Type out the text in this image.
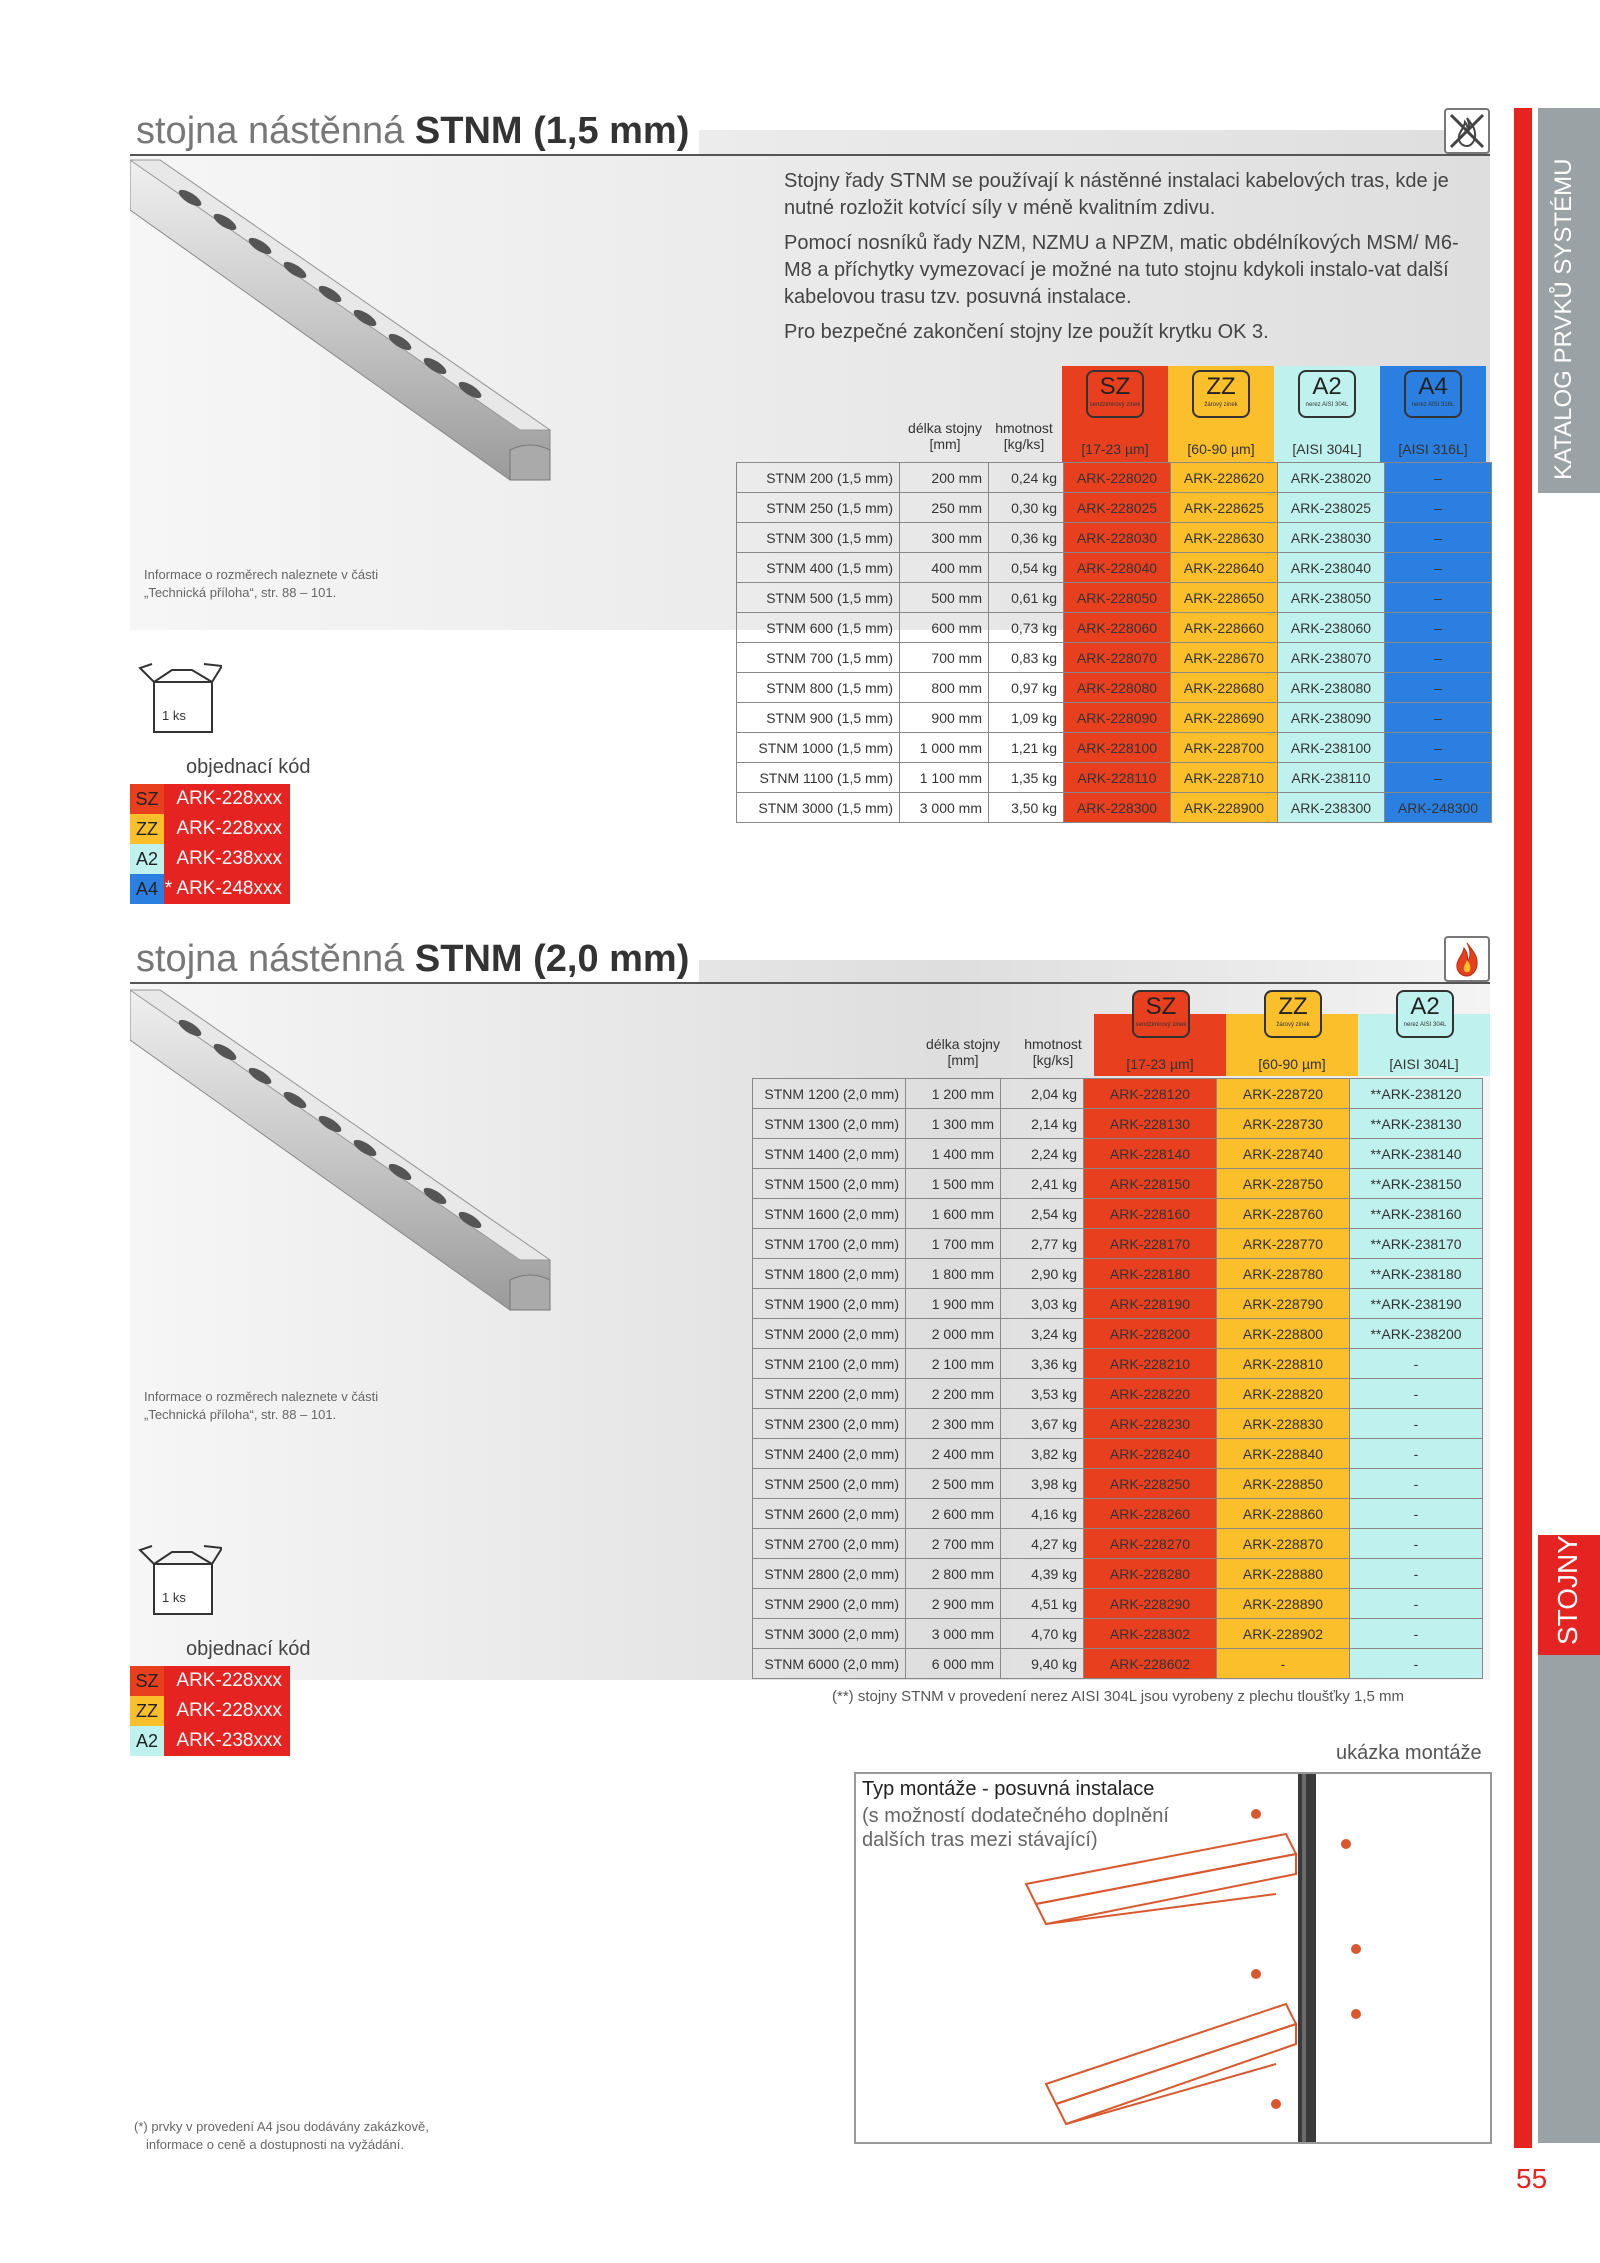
KATALOG PRVKŮ SYSTÉMU
STOJNY
55
stojna nástěnná STNM (1,5 mm)

Stojny řady STNM se používají k nástěnné instalaci kabelových tras, kde je nutné rozložit kotvící síly v méně kvalitním zdivu.

Pomocí nosníků řady NZM, NZMU a NPZM, matic obdélníkových MSM/ M6-M8 a příchytky vymezovací je možné na tuto stojnu kdykoli instalo-vat další kabelovou trasu tzv. posuvná instalace.

Pro bezpečné zakončení stojny lze použít krytku OK 3.

Informace o rozměrech naleznete v části
„Technická příloha“, str. 88 – 101.
1 ks
objednací kód
SZ ARK-228xxx
ZZ ARK-228xxx
A2 ARK-238xxx
A4 * ARK-248xxx
SZ
sendzimirový zinek
ZZ
žárový zinek
A2
nerez AISI 304L
A4
nerez AISI 316L
délka stojny
[mm]
hmotnost
[kg/ks]	[17-23 µm]	[60-90 µm]	[AISI 304L]	[AISI 316L]
STNM 200 (1,5 mm)	200 mm	0,24 kg	ARK-228020	ARK-228620	ARK-238020	–
STNM 250 (1,5 mm)	250 mm	0,30 kg	ARK-228025	ARK-228625	ARK-238025	–
STNM 300 (1,5 mm)	300 mm	0,36 kg	ARK-228030	ARK-228630	ARK-238030	–
STNM 400 (1,5 mm)	400 mm	0,54 kg	ARK-228040	ARK-228640	ARK-238040	–
STNM 500 (1,5 mm)	500 mm	0,61 kg	ARK-228050	ARK-228650	ARK-238050	–
STNM 600 (1,5 mm)	600 mm	0,73 kg	ARK-228060	ARK-228660	ARK-238060	–
STNM 700 (1,5 mm)	700 mm	0,83 kg	ARK-228070	ARK-228670	ARK-238070	–
STNM 800 (1,5 mm)	800 mm	0,97 kg	ARK-228080	ARK-228680	ARK-238080	–
STNM 900 (1,5 mm)	900 mm	1,09 kg	ARK-228090	ARK-228690	ARK-238090	–
STNM 1000 (1,5 mm)	1 000 mm	1,21 kg	ARK-228100	ARK-228700	ARK-238100	–
STNM 1100 (1,5 mm)	1 100 mm	1,35 kg	ARK-228110	ARK-228710	ARK-238110	–
STNM 3000 (1,5 mm)	3 000 mm	3,50 kg	ARK-228300	ARK-228900	ARK-238300	ARK-248300
stojna nástěnná STNM (2,0 mm)
Informace o rozměrech naleznete v části
„Technická příloha“, str. 88 – 101.
1 ks
objednací kód
SZ ARK-228xxx
ZZ ARK-228xxx
A2 ARK-238xxx
SZ
sendzimirový zinek
ZZ
žárový zinek
A2
nerez AISI 304L
délka stojny
[mm]
hmotnost
[kg/ks]	[17-23 µm]	[60-90 µm]	[AISI 304L]
STNM 1200 (2,0 mm)	1 200 mm	2,04 kg	ARK-228120	ARK-228720	**ARK-238120
STNM 1300 (2,0 mm)	1 300 mm	2,14 kg	ARK-228130	ARK-228730	**ARK-238130
STNM 1400 (2,0 mm)	1 400 mm	2,24 kg	ARK-228140	ARK-228740	**ARK-238140
STNM 1500 (2,0 mm)	1 500 mm	2,41 kg	ARK-228150	ARK-228750	**ARK-238150
STNM 1600 (2,0 mm)	1 600 mm	2,54 kg	ARK-228160	ARK-228760	**ARK-238160
STNM 1700 (2,0 mm)	1 700 mm	2,77 kg	ARK-228170	ARK-228770	**ARK-238170
STNM 1800 (2,0 mm)	1 800 mm	2,90 kg	ARK-228180	ARK-228780	**ARK-238180
STNM 1900 (2,0 mm)	1 900 mm	3,03 kg	ARK-228190	ARK-228790	**ARK-238190
STNM 2000 (2,0 mm)	2 000 mm	3,24 kg	ARK-228200	ARK-228800	**ARK-238200
STNM 2100 (2,0 mm)	2 100 mm	3,36 kg	ARK-228210	ARK-228810	-
STNM 2200 (2,0 mm)	2 200 mm	3,53 kg	ARK-228220	ARK-228820	-
STNM 2300 (2,0 mm)	2 300 mm	3,67 kg	ARK-228230	ARK-228830	-
STNM 2400 (2,0 mm)	2 400 mm	3,82 kg	ARK-228240	ARK-228840	-
STNM 2500 (2,0 mm)	2 500 mm	3,98 kg	ARK-228250	ARK-228850	-
STNM 2600 (2,0 mm)	2 600 mm	4,16 kg	ARK-228260	ARK-228860	-
STNM 2700 (2,0 mm)	2 700 mm	4,27 kg	ARK-228270	ARK-228870	-
STNM 2800 (2,0 mm)	2 800 mm	4,39 kg	ARK-228280	ARK-228880	-
STNM 2900 (2,0 mm)	2 900 mm	4,51 kg	ARK-228290	ARK-228890	-
STNM 3000 (2,0 mm)	3 000 mm	4,70 kg	ARK-228302	ARK-228902	-
STNM 6000 (2,0 mm)	6 000 mm	9,40 kg	ARK-228602	-	-
(**) stojny STNM v provedení nerez AISI 304L jsou vyrobeny z plechu tloušťky 1,5 mm
ukázka montáže
Typ montáže - posuvná instalace
(s možností dodatečného doplnění
dalších tras mezi stávající)
(*) prvky v provedení A4 jsou dodávány zakázkově,
informace o ceně a dostupnosti na vyžádání.
